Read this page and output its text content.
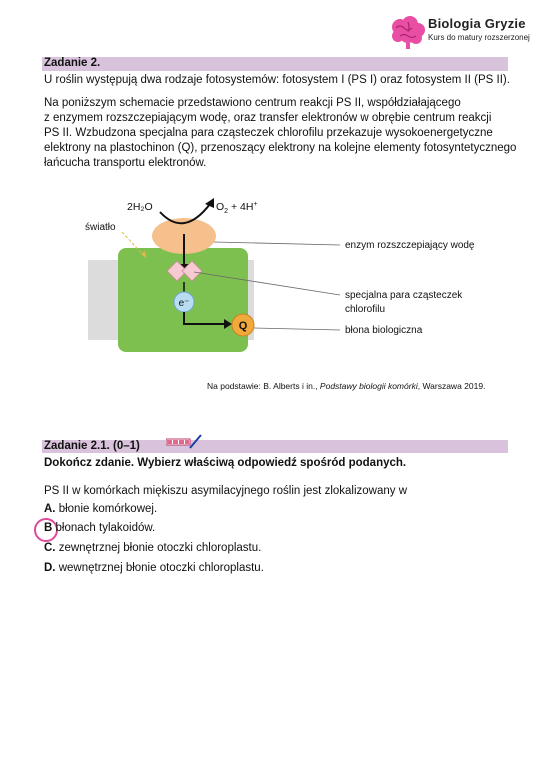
Biologia Gryzie
Kurs do matury rozszerzonej
Zadanie 2.
U roślin występują dwa rodzaje fotosystemów: fotosystem I (PS I) oraz fotosystem II (PS II).
Na poniższym schemacie przedstawiono centrum reakcji PS II, współdziałającego
z enzymem rozszczepiającym wodę, oraz transfer elektronów w obrębie centrum reakcji
PS II. Wzbudzona specjalna para cząsteczek chlorofilu przekazuje wysokoenergetyczne
elektrony na plastochinon (Q), przenoszący elektrony na kolejne elementy fotosyntetycznego
łańcucha transportu elektronów.
e⁻
Q
2H₂O	$O_2 + 4H^+$
światło
enzym rozszczepiający wodę
specjalna para cząsteczek
chlorofilu
błona biologiczna
Na podstawie: B. Alberts i in., Podstawy biologii komórki, Warszawa 2019.
Zadanie 2.1. (0–1)
Dokończ zdanie. Wybierz właściwą odpowiedź spośród podanych.
PS II w komórkach miękiszu asymilacyjnego roślin jest zlokalizowany w
A. błonie komórkowej.
B błonach tylakoidów.
C. zewnętrznej błonie otoczki chloroplastu.
D. wewnętrznej błonie otoczki chloroplastu.
